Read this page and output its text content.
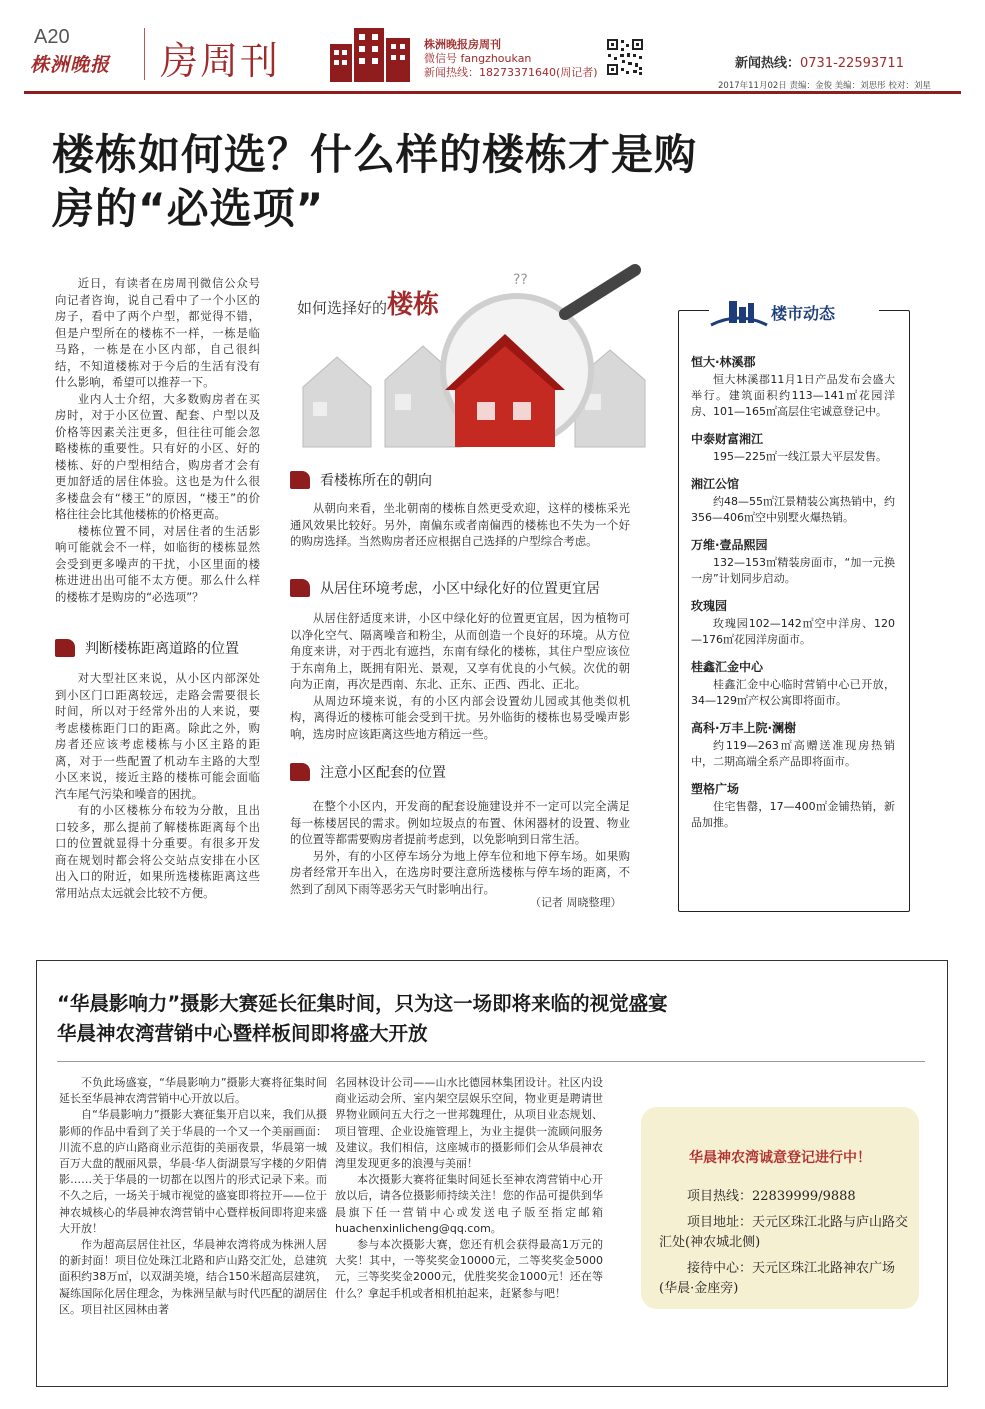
A20
株洲晚报 房周刊	株洲晚报房周刊
微信号 fangzhoukan
新闻热线：18273371640(周记者)
新闻热线：0731-22593711
2017年11月02日 责编：金俊 美编：刘思彤 校对：刘星
楼栋如何选？什么样的楼栋才是购
房的“必选项”

近日，有读者在房周刊微信公众号向记者咨询，说自己看中了一个小区的房子，看中了两个户型，都觉得不错，但是户型所在的楼栋不一样，一栋是临马路，一栋是在小区内部，自己很纠结，不知道楼栋对于今后的生活有没有什么影响，希望可以推荐一下。

业内人士介绍，大多数购房者在买房时，对于小区位置、配套、户型以及价格等因素关注更多，但往往可能会忽略楼栋的重要性。只有好的小区、好的楼栋、好的户型相结合，购房者才会有更加舒适的居住体验。这也是为什么很多楼盘会有“楼王”的原因，“楼王”的价格往往会比其他楼栋的价格更高。

楼栋位置不同，对居住者的生活影响可能就会不一样，如临街的楼栋显然会受到更多噪声的干扰，小区里面的楼栋进进出出可能不太方便。那么什么样的楼栋才是购房的“必选项”？

如何选择好的楼栋
??
看楼栋所在的朝向

从朝向来看，坐北朝南的楼栋自然更受欢迎，这样的楼栋采光通风效果比较好。另外，南偏东或者南偏西的楼栋也不失为一个好的购房选择。当然购房者还应根据自己选择的户型综合考虑。

从居住环境考虑，小区中绿化好的位置更宜居

从居住舒适度来讲，小区中绿化好的位置更宜居，因为植物可以净化空气、隔离噪音和粉尘，从而创造一个良好的环境。从方位角度来讲，对于西北有遮挡，东南有绿化的楼栋，其住户型应该位于东南角上，既拥有阳光、景观，又享有优良的小气候。次优的朝向为正南，再次是西南、东北、正东、正西、西北、正北。

从周边环境来说，有的小区内部会设置幼儿园或其他类似机构，离得近的楼栋可能会受到干扰。另外临街的楼栋也易受噪声影响，选房时应该距离这些地方稍远一些。

注意小区配套的位置

在整个小区内，开发商的配套设施建设并不一定可以完全满足每一栋楼居民的需求。例如垃圾点的布置、休闲器材的设置、物业的位置等都需要购房者提前考虑到，以免影响到日常生活。

另外，有的小区停车场分为地上停车位和地下停车场。如果购房者经常开车出入，在选房时要注意所选楼栋与停车场的距离，不然到了刮风下雨等恶劣天气时影响出行。

（记者 周晓整理）
判断楼栋距离道路的位置

对大型社区来说，从小区内部深处到小区门口距离较远，走路会需要很长时间，所以对于经常外出的人来说，要考虑楼栋距门口的距离。除此之外，购房者还应该考虑楼栋与小区主路的距离，对于一些配置了机动车主路的大型小区来说，接近主路的楼栋可能会面临汽车尾气污染和噪音的困扰。

有的小区楼栋分布较为分散，且出口较多，那么提前了解楼栋距离每个出口的位置就显得十分重要。有很多开发商在规划时都会将公交站点安排在小区出入口的附近，如果所选楼栋距离这些常用站点太远就会比较不方便。

楼市动态
恒大·林溪郡
恒大林溪郡11月1日产品发布会盛大举行。建筑面积约113—141㎡花园洋房、101—165㎡高层住宅诚意登记中。
中泰财富湘江
195—225㎡一线江景大平层发售。
湘江公馆
约48—55㎡江景精装公寓热销中，约356—406㎡空中别墅火爆热销。
万维·壹品熙园
132—153㎡精装房面市，“加一元换一房”计划同步启动。
玫瑰园
玫瑰园102—142㎡空中洋房、120—176㎡花园洋房面市。
桂鑫汇金中心
桂鑫汇金中心临时营销中心已开放，34—129㎡产权公寓即将面市。
高科·万丰上院·澜榭
约119—263㎡高赠送准现房热销中，二期高端全系产品即将面市。
塑格广场
住宅售罄，17—400㎡金铺热销，新品加推。
“华晨影响力”摄影大赛延长征集时间，只为这一场即将来临的视觉盛宴
华晨神农湾营销中心暨样板间即将盛大开放

不负此场盛宴，“华晨影响力”摄影大赛将征集时间延长至华晨神农湾营销中心开放以后。

自“华晨影响力”摄影大赛征集开启以来，我们从摄影师的作品中看到了关于华晨的一个又一个美丽画面：川流不息的庐山路商业示范街的美丽夜景，华晨第一城百万大盘的靓丽风景，华晨·华人街湖景写字楼的夕阳倩影……关于华晨的一切都在以图片的形式记录下来。而不久之后，一场关于城市视觉的盛宴即将拉开——位于神农城核心的华晨神农湾营销中心暨样板间即将迎来盛大开放！

作为超高层居住社区，华晨神农湾将成为株洲人居的新封面！项目位处珠江北路和庐山路交汇处，总建筑面积约38万㎡，以双湖美境，结合150米超高层建筑，凝练国际化居住理念，为株洲呈献与时代匹配的湖居住区。项目社区园林由著

名园林设计公司——山水比德园林集团设计。社区内设商业运动会所、室内架空层娱乐空间，物业更是聘请世界物业顾问五大行之一世邦魏理仕，从项目业态规划、项目管理、企业设施管理上，为业主提供一流顾问服务及建议。我们相信，这座城市的摄影师们会从华晨神农湾里发现更多的浪漫与美丽！

本次摄影大赛将征集时间延长至神农湾营销中心开放以后，请各位摄影师持续关注！您的作品可提供到华晨旗下任一营销中心或发送电子版至指定邮箱huachenxinlicheng@qq.com。

参与本次摄影大赛，您还有机会获得最高1万元的大奖！其中，一等奖奖金10000元，二等奖奖金5000元，三等奖奖金2000元，优胜奖奖金1000元！还在等什么？拿起手机或者相机拍起来，赶紧参与吧！

华晨神农湾诚意登记进行中！
项目热线：22839999/9888
项目地址：天元区珠江北路与庐山路交汇处(神农城北侧)
接待中心：天元区珠江北路神农广场(华晨·金座旁)
